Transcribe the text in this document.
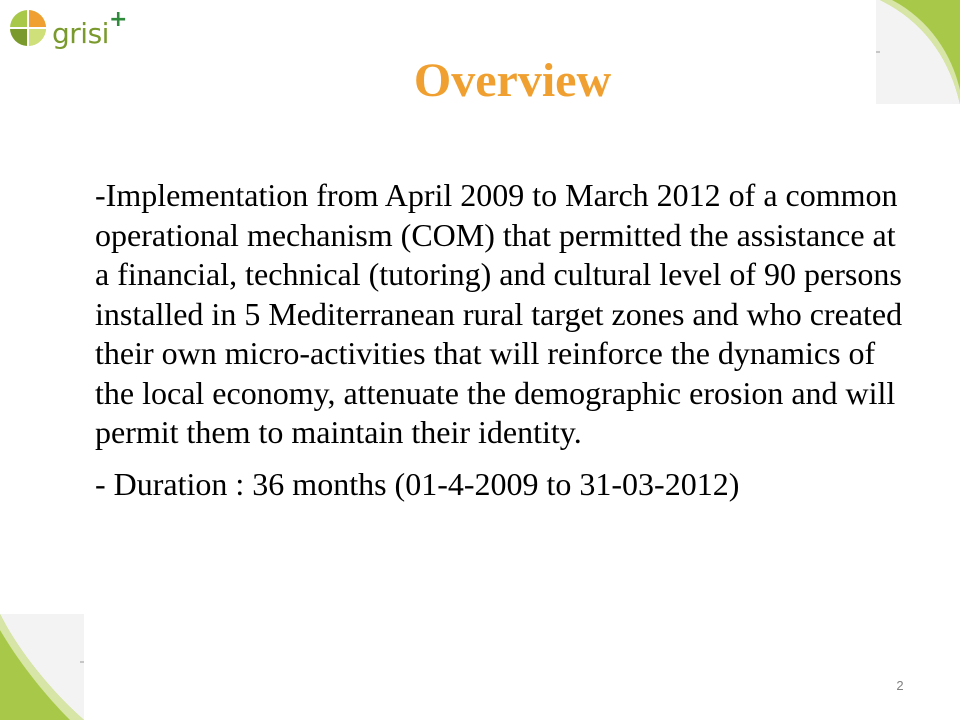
grisi +
Overview

-Implementation from April 2009 to March 2012 of a common operational mechanism (COM) that permitted the assistance at a financial, technical (tutoring) and cultural level of 90 persons installed in 5 Mediterranean rural target zones and who created their own micro-activities that will reinforce the dynamics of the local economy, attenuate the demographic erosion and will permit them to maintain their identity.

- Duration : 36 months (01-4-2009 to 31-03-2012)

2
